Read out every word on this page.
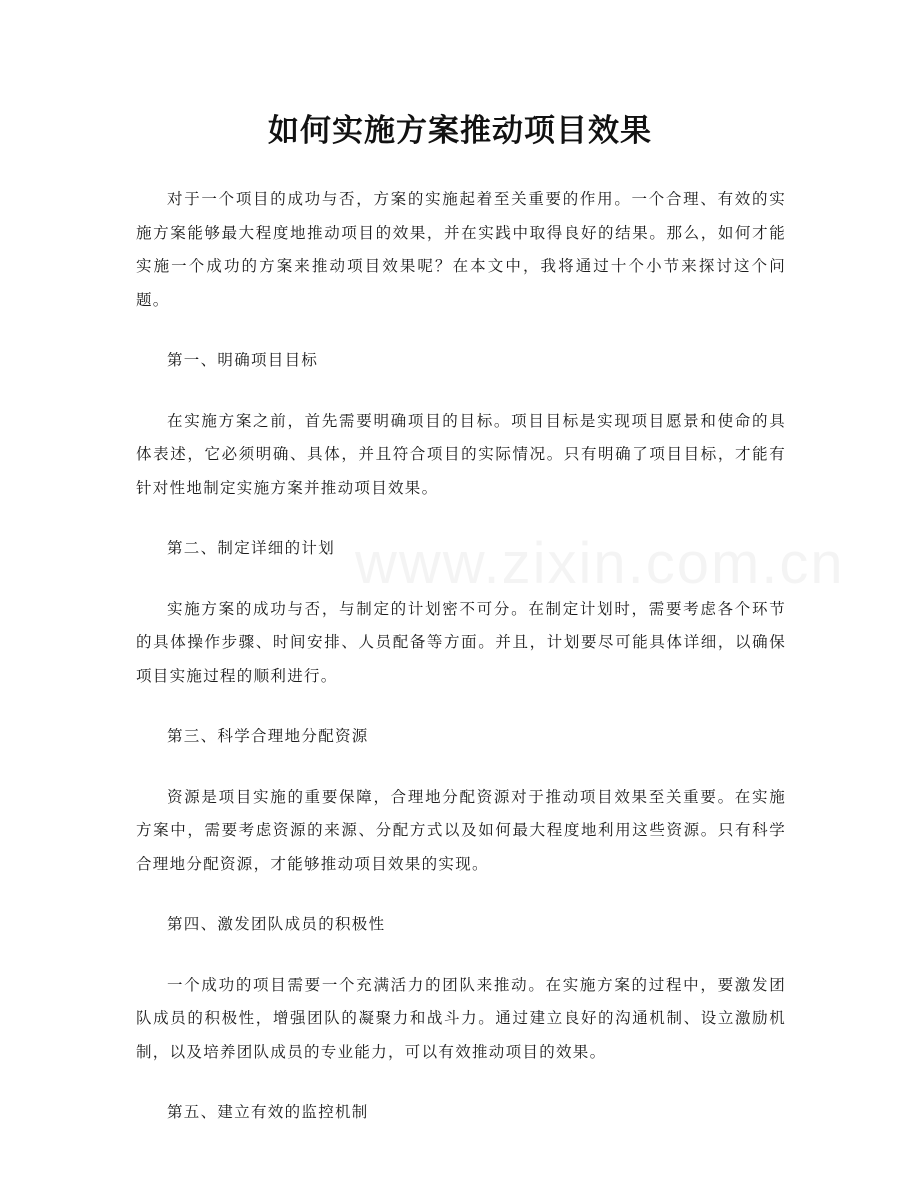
如何实施方案推动项目效果

对于一个项目的成功与否，方案的实施起着至关重要的作用。一个合理、有效的实施方案能够最大程度地推动项目的效果，并在实践中取得良好的结果。那么，如何才能实施一个成功的方案来推动项目效果呢？在本文中，我将通过十个小节来探讨这个问题。

第一、明确项目目标

在实施方案之前，首先需要明确项目的目标。项目目标是实现项目愿景和使命的具体表述，它必须明确、具体，并且符合项目的实际情况。只有明确了项目目标，才能有针对性地制定实施方案并推动项目效果。

第二、制定详细的计划

实施方案的成功与否，与制定的计划密不可分。在制定计划时，需要考虑各个环节的具体操作步骤、时间安排、人员配备等方面。并且，计划要尽可能具体详细，以确保项目实施过程的顺利进行。

第三、科学合理地分配资源

资源是项目实施的重要保障，合理地分配资源对于推动项目效果至关重要。在实施方案中，需要考虑资源的来源、分配方式以及如何最大程度地利用这些资源。只有科学合理地分配资源，才能够推动项目效果的实现。

第四、激发团队成员的积极性

一个成功的项目需要一个充满活力的团队来推动。在实施方案的过程中，要激发团队成员的积极性，增强团队的凝聚力和战斗力。通过建立良好的沟通机制、设立激励机制，以及培养团队成员的专业能力，可以有效推动项目的效果。

第五、建立有效的监控机制
